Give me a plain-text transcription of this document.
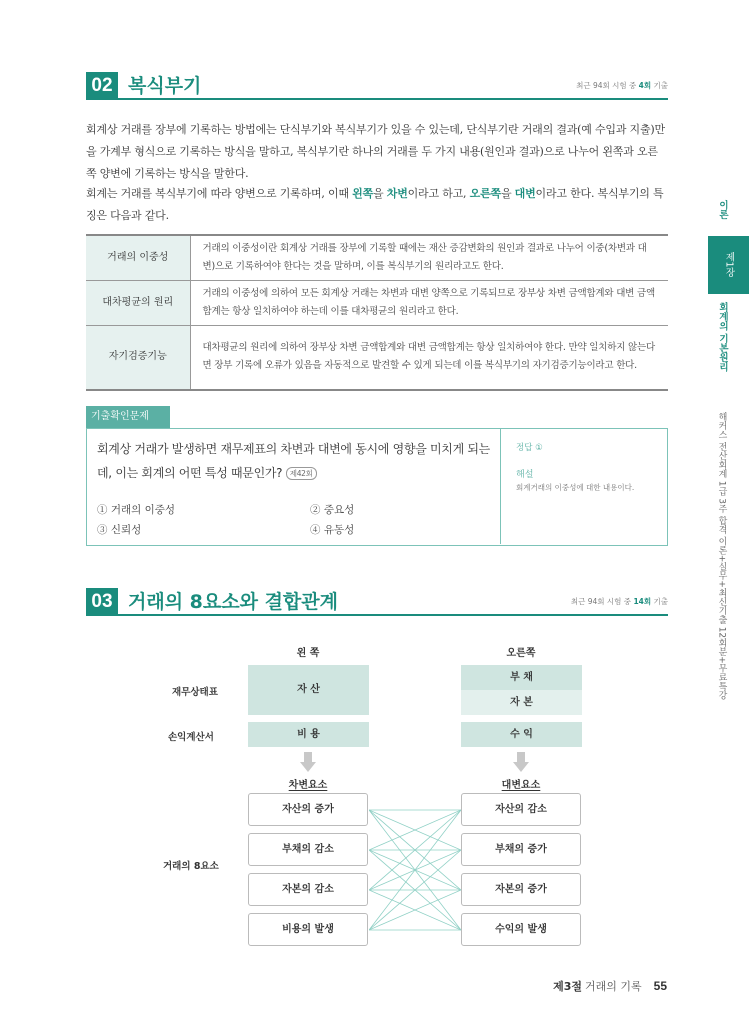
02 복식부기	최근 94회 시험 중 4회 기출
회계상 거래를 장부에 기록하는 방법에는 단식부기와 복식부기가 있을 수 있는데, 단식부기란 거래의 결과(예 수입과 지출)만을 가계부 형식으로 기록하는 방식을 말하고, 복식부기란 하나의 거래를 두 가지 내용(원인과 결과)으로 나누어 왼쪽과 오른쪽 양변에 기록하는 방식을 말한다.
회계는 거래를 복식부기에 따라 양변으로 기록하며, 이때 왼쪽을 차변이라고 하고, 오른쪽을 대변이라고 한다. 복식부기의 특징은 다음과 같다.
거래의 이중성	거래의 이중성이란 회계상 거래를 장부에 기록할 때에는 재산 증감변화의 원인과 결과로 나누어 이중(차변과 대변)으로 기록하여야 한다는 것을 말하며, 이를 복식부기의 원리라고도 한다.
대차평균의 원리	거래의 이중성에 의하여 모든 회계상 거래는 차변과 대변 양쪽으로 기록되므로 장부상 차변 금액합계와 대변 금액합계는 항상 일치하여야 하는데 이를 대차평균의 원리라고 한다.
자기검증기능	대차평균의 원리에 의하여 장부상 차변 금액합계와 대변 금액합계는 항상 일치하여야 한다. 만약 일치하지 않는다면 장부 기록에 오류가 있음을 자동적으로 발견할 수 있게 되는데 이를 복식부기의 자기검증기능이라고 한다.
기출확인문제
회계상 거래가 발생하면 재무제표의 차변과 대변에 동시에 영향을 미치게 되는데, 이는 회계의 어떤 특성 때문인가? 제42회
① 거래의 이중성	② 중요성
③ 신뢰성	④ 유동성
정답 ①
해설
회계거래의 이중성에 대한 내용이다.
03 거래의 8요소와 결합관계	최근 94회 시험 중 14회 기출
왼 쪽	오른쪽
재무상태표
손익계산서
거래의 8요소
자 산
부 채
자 본
비 용	수 익
차변요소	대변요소
자산의 증가
부채의 감소
자본의 감소
비용의 발생
자산의 감소
부채의 증가
자본의 증가
수익의 발생
이론
제1장
회계의 기본원리
해커스 전산회계 1급 3주 합격 이론+실무+최신기출 12회분+무료특강
제3절 거래의 기록 55
